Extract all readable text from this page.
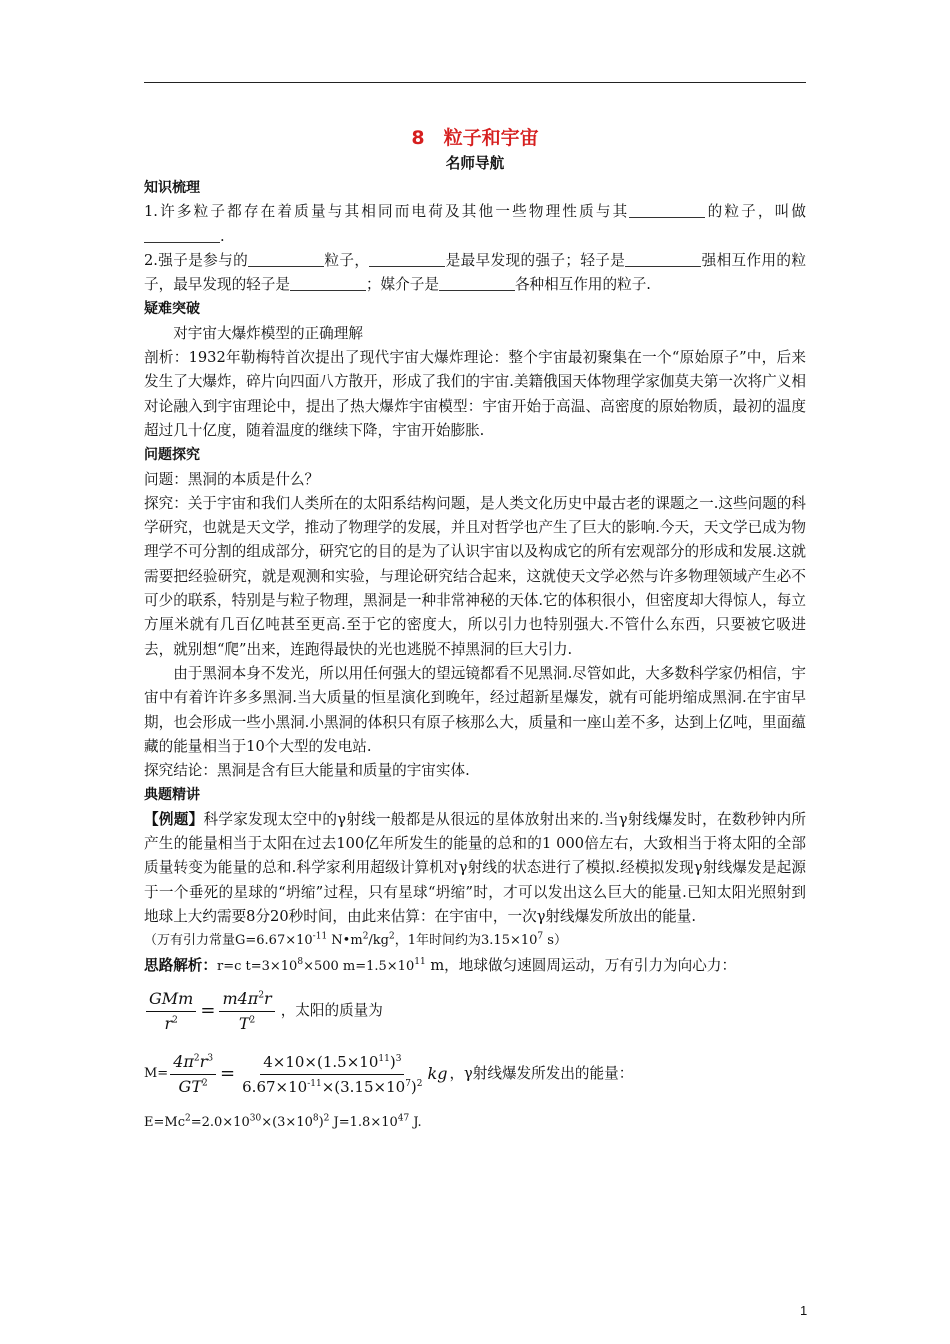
8　粒子和宇宙
名师导航
知识梳理

1.许多粒子都存在着质量与其相同而电荷及其他一些物理性质与其	的粒子，叫做.

2.强子是参与的	粒子，	是最早发现的强子；轻子是	强相互作用的粒子，最早发现的轻子是	；媒介子是	各种相互作用的粒子.

疑难突破

对宇宙大爆炸模型的正确理解

剖析：1932年勒梅特首次提出了现代宇宙大爆炸理论：整个宇宙最初聚集在一个“原始原子”中，后来发生了大爆炸，碎片向四面八方散开，形成了我们的宇宙.美籍俄国天体物理学家伽莫夫第一次将广义相对论融入到宇宙理论中，提出了热大爆炸宇宙模型：宇宙开始于高温、高密度的原始物质，最初的温度超过几十亿度，随着温度的继续下降，宇宙开始膨胀.

问题探究

问题：黑洞的本质是什么？

探究：关于宇宙和我们人类所在的太阳系结构问题，是人类文化历史中最古老的课题之一.这些问题的科学研究，也就是天文学，推动了物理学的发展，并且对哲学也产生了巨大的影响.今天，天文学已成为物理学不可分割的组成部分，研究它的目的是为了认识宇宙以及构成它的所有宏观部分的形成和发展.这就需要把经验研究，就是观测和实验，与理论研究结合起来，这就使天文学必然与许多物理领域产生必不可少的联系，特别是与粒子物理，黑洞是一种非常神秘的天体.它的体积很小，但密度却大得惊人，每立方厘米就有几百亿吨甚至更高.至于它的密度大，所以引力也特别强大.不管什么东西，只要被它吸进去，就别想“爬”出来，连跑得最快的光也逃脱不掉黑洞的巨大引力.

由于黑洞本身不发光，所以用任何强大的望远镜都看不见黑洞.尽管如此，大多数科学家仍相信，宇宙中有着许许多多黑洞.当大质量的恒星演化到晚年，经过超新星爆发，就有可能坍缩成黑洞.在宇宙早期，也会形成一些小黑洞.小黑洞的体积只有原子核那么大，质量和一座山差不多，达到上亿吨，里面蕴藏的能量相当于10个大型的发电站.

探究结论：黑洞是含有巨大能量和质量的宇宙实体.

典题精讲

【例题】科学家发现太空中的γ射线一般都是从很远的星体放射出来的.当γ射线爆发时，在数秒钟内所产生的能量相当于太阳在过去100亿年所发生的能量的总和的1 000倍左右，大致相当于将太阳的全部质量转变为能量的总和.科学家利用超级计算机对γ射线的状态进行了模拟.经模拟发现γ射线爆发是起源于一个垂死的星球的“坍缩”过程，只有星球“坍缩”时，才可以发出这么巨大的能量.已知太阳光照射到地球上大约需要8分20秒时间，由此来估算：在宇宙中，一次γ射线爆发所放出的能量.

（万有引力常量$G=6.67\times 10^{-11}$ $N•m^2/kg^2$，1年时间约为$3.15\times 10^7$ s）

思路解析：r=c $t=3\times 10^8\times 500$ $m=1.5\times 10^{11}$ m，地球做匀速圆周运动，万有引力为向心力：

$\frac{\text{GMm}}{r^2} = \frac{m4\pi^2r}{T^2}$ ，太阳的质量为
$M= \frac{4\pi^2r^3}{GT^2} = \frac{4\times 10\times(1.5\times 10^{11})^3}{6.67\times 10^{-11}\times(3.15\times 10^7)^2}$ kg ，γ射线爆发所发出的能量：

$E=Mc^2=2.0\times 10^{30}\times(3\times 10^8)^2$ $J=1.8\times 10^{47}$ J.

1
